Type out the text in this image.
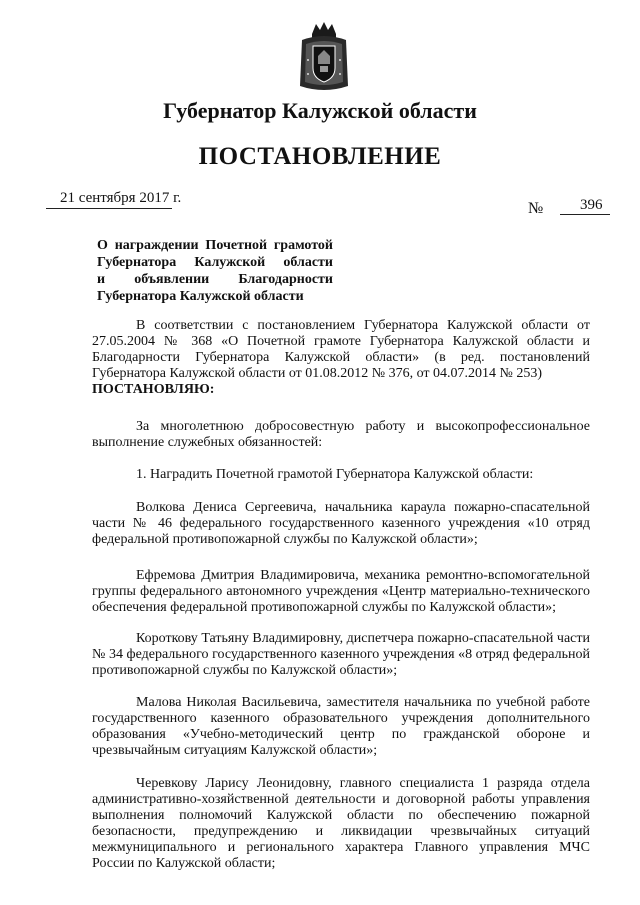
Губернатор Калужской области
ПОСТАНОВЛЕНИЕ
21 сентября 2017 г.
№ 396
О награждении Почетной грамотой
Губернатора Калужской области
и объявлении Благодарности
Губернатора Калужской области
В соответствии с постановлением Губернатора Калужской области от 27.05.2004 № 368 «О Почетной грамоте Губернатора Калужской области и Благодарности Губернатора Калужской области» (в ред. постановлений Губернатора Калужской области от 01.08.2012 № 376, от 04.07.2014 № 253)
ПОСТАНОВЛЯЮ:
За многолетнюю добросовестную работу и высокопрофессиональное выполнение служебных обязанностей:
1. Наградить Почетной грамотой Губернатора Калужской области:
Волкова Дениса Сергеевича, начальника караула пожарно-спасательной части № 46 федерального государственного казенного учреждения «10 отряд федеральной противопожарной службы по Калужской области»;
Ефремова Дмитрия Владимировича, механика ремонтно-вспомогательной группы федерального автономного учреждения «Центр материально-технического обеспечения федеральной противопожарной службы по Калужской области»;
Короткову Татьяну Владимировну, диспетчера пожарно-спасательной части № 34 федерального государственного казенного учреждения «8 отряд федеральной противопожарной службы по Калужской области»;
Малова Николая Васильевича, заместителя начальника по учебной работе государственного казенного образовательного учреждения дополнительного образования «Учебно-методический центр по гражданской обороне и чрезвычайным ситуациям Калужской области»;
Черевкову Ларису Леонидовну, главного специалиста 1 разряда отдела административно-хозяйственной деятельности и договорной работы управления выполнения полномочий Калужской области по обеспечению пожарной безопасности, предупреждению и ликвидации чрезвычайных ситуаций межмуниципального и регионального характера Главного управления МЧС России по Калужской области;
